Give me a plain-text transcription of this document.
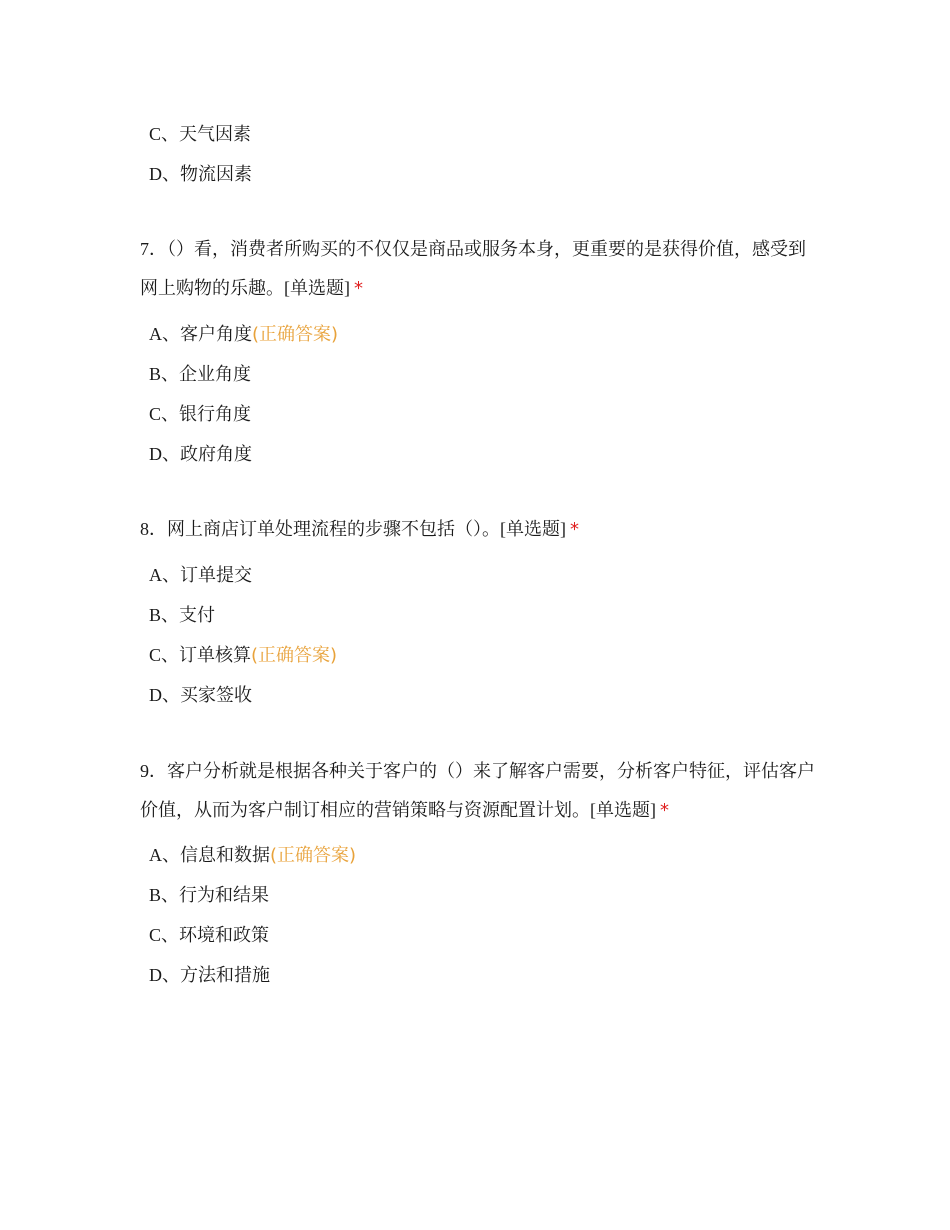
C、天气因素
D、物流因素
7．（）看，消费者所购买的不仅仅是商品或服务本身，更重要的是获得价值，感受到网上购物的乐趣。[单选题] *
A、客户角度(正确答案)
B、企业角度
C、银行角度
D、政府角度
8．网上商店订单处理流程的步骤不包括（）。[单选题] *
A、订单提交
B、支付
C、订单核算(正确答案)
D、买家签收
9．客户分析就是根据各种关于客户的（）来了解客户需要，分析客户特征，评估客户价值，从而为客户制订相应的营销策略与资源配置计划。[单选题] *
A、信息和数据(正确答案)
B、行为和结果
C、环境和政策
D、方法和措施
